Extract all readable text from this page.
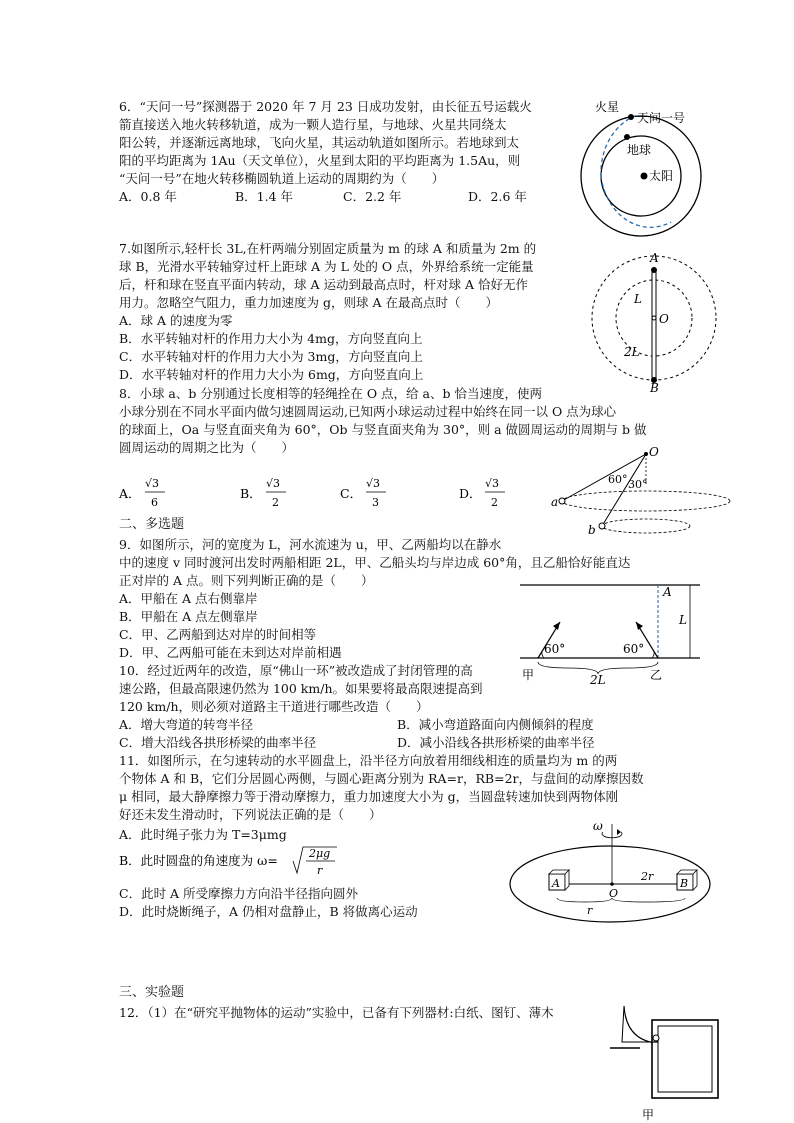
6．“天问一号”探测器于 2020 年 7 月 23 日成功发射，由长征五号运载火
箭直接送入地火转移轨道，成为一颗人造行星，与地球、火星共同绕太
阳公转，并逐渐远离地球，飞向火星，其运动轨道如图所示。若地球到太
阳的平均距离为 1Au（天文单位），火星到太阳的平均距离为 1.5Au，则
“天问一号”在地火转移椭圆轨道上运动的周期约为（　　）
A．0.8 年	B．1.4 年	C．2.2 年	D．2.6 年
火星
天问一号
地球
太阳
7.如图所示,轻杆长 3L,在杆两端分别固定质量为 m 的球 A 和质量为 2m 的
球 B，光滑水平转轴穿过杆上距球 A 为 L 处的 O 点，外界给系统一定能量
后，杆和球在竖直平面内转动，球 A 运动到最高点时，杆对球 A 恰好无作
用力。忽略空气阻力，重力加速度为 g，则球 A 在最高点时（　　）
A．球 A 的速度为零
B．水平转轴对杆的作用力大小为 4mg，方向竖直向上
C．水平转轴对杆的作用力大小为 3mg，方向竖直向上
D．水平转轴对杆的作用力大小为 6mg，方向竖直向上
A
B
O
L
2L
8．小球 a、b 分别通过长度相等的轻绳拴在 O 点，给 a、b 恰当速度，使两
小球分别在不同水平面内做匀速圆周运动,已知两小球运动过程中始终在同一以 O 点为球心
的球面上，Oa 与竖直面夹角为 60°，Ob 与竖直面夹角为 30°，则 a 做圆周运动的周期与 b 做
圆周运动的周期之比为（　　）
A．
√3
6
B．
√3
2
C．
√3
3
D．
√3
2
O
a
b
60° 30°
二、多选题
9．如图所示，河的宽度为 L，河水流速为 u，甲、乙两船均以在静水
中的速度 v 同时渡河出发时两船相距 2L，甲、乙船头均与岸边成 60°角，且乙船恰好能直达
正对岸的 A 点。则下列判断正确的是（　　）
A．甲船在 A 点右侧靠岸
B．甲船在 A 点左侧靠岸
C．甲、乙两船到达对岸的时间相等
D．甲、乙两船可能在未到达对岸前相遇
A
L
60°	60°
2L
甲	乙
10．经过近两年的改造，原“佛山一环”被改造成了封闭管理的高
速公路，但最高限速仍然为 100 km/h。如果要将最高限速提高到
120 km/h，则必须对道路主干道进行哪些改造（　　）
A．增大弯道的转弯半径	B．减小弯道路面向内侧倾斜的程度
C．增大沿线各拱形桥梁的曲率半径	D．减小沿线各拱形桥梁的曲率半径
11．如图所示，在匀速转动的水平圆盘上，沿半径方向放着用细线相连的质量均为 m 的两
个物体 A 和 B，它们分居圆心两侧，与圆心距离分别为 RA=r，RB=2r，与盘间的动摩擦因数
μ 相同，最大静摩擦力等于滑动摩擦力，重力加速度大小为 g，当圆盘转速加快到两物体刚
好还未发生滑动时，下列说法正确的是（　　）
A．此时绳子张力为 T=3μmg
B．此时圆盘的角速度为 ω=	2μg
r
C．此时 A 所受摩擦力方向沿半径指向圆外
D．此时烧断绳子，A 仍相对盘静止，B 将做离心运动
ω
A	B
O
2r
r
三、实验题
12．（1）在“研究平抛物体的运动”实验中，已备有下列器材:白纸、图钉、薄木
甲
